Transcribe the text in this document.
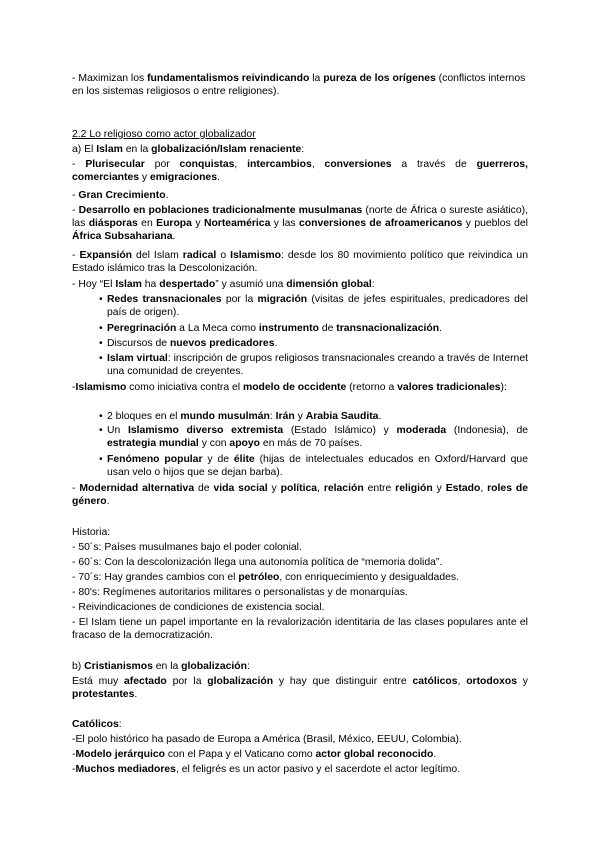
- Maximizan los fundamentalismos reivindicando la pureza de los orígenes (conflictos internos en los sistemas religiosos o entre religiones).

2.2 Lo religioso como actor globalizador

a) El Islam en la globalización/Islam renaciente:

- Plurisecular por conquistas, intercambios, conversiones a través de guerreros, comerciantes y emigraciones.

- Gran Crecimiento.

- Desarrollo en poblaciones tradicionalmente musulmanas (norte de África o sureste asiático), las diásporas en Europa y Norteamérica y las conversiones de afroamericanos y pueblos del África Subsahariana.

- Expansión del Islam radical o Islamismo: desde los 80 movimiento político que reivindica un Estado islámico tras la Descolonización.

- Hoy “El Islam ha despertado” y asumió una dimensión global:

• Redes transnacionales por la migración (visitas de jefes espirituales, predicadores del país de origen).

• Peregrinación a La Meca como instrumento de transnacionalización.

• Discursos de nuevos predicadores.

• Islam virtual: inscripción de grupos religiosos transnacionales creando a través de Internet una comunidad de creyentes.

-Islamismo como iniciativa contra el modelo de occidente (retorno a valores tradicionales):

• 2 bloques en el mundo musulmán: Irán y Arabia Saudita.

• Un Islamismo diverso extremista (Estado Islámico) y moderada (Indonesia), de estrategia mundial y con apoyo en más de 70 países.

• Fenómeno popular y de élite (hijas de intelectuales educados en Oxford/Harvard que usan velo o hijos que se dejan barba).

- Modernidad alternativa de vida social y política, relación entre religión y Estado, roles de género.

Historia:

- 50´s: Países musulmanes bajo el poder colonial.

- 60´s: Con la descolonización llega una autonomía política de “memoria dolida”.

- 70´s: Hay grandes cambios con el petróleo, con enriquecimiento y desigualdades.

- 80's: Regímenes autoritarios militares o personalistas y de monarquías.

- Reivindicaciones de condiciones de existencia social.

- El Islam tiene un papel importante en la revalorización identitaria de las clases populares ante el fracaso de la democratización.

b) Cristianismos en la globalización:

Está muy afectado por la globalización y hay que distinguir entre católicos, ortodoxos y protestantes.

Católicos:

-El polo histórico ha pasado de Europa a América (Brasil, México, EEUU, Colombia).

-Modelo jerárquico con el Papa y el Vaticano como actor global reconocido.

-Muchos mediadores, el feligrés es un actor pasivo y el sacerdote el actor legítimo.
